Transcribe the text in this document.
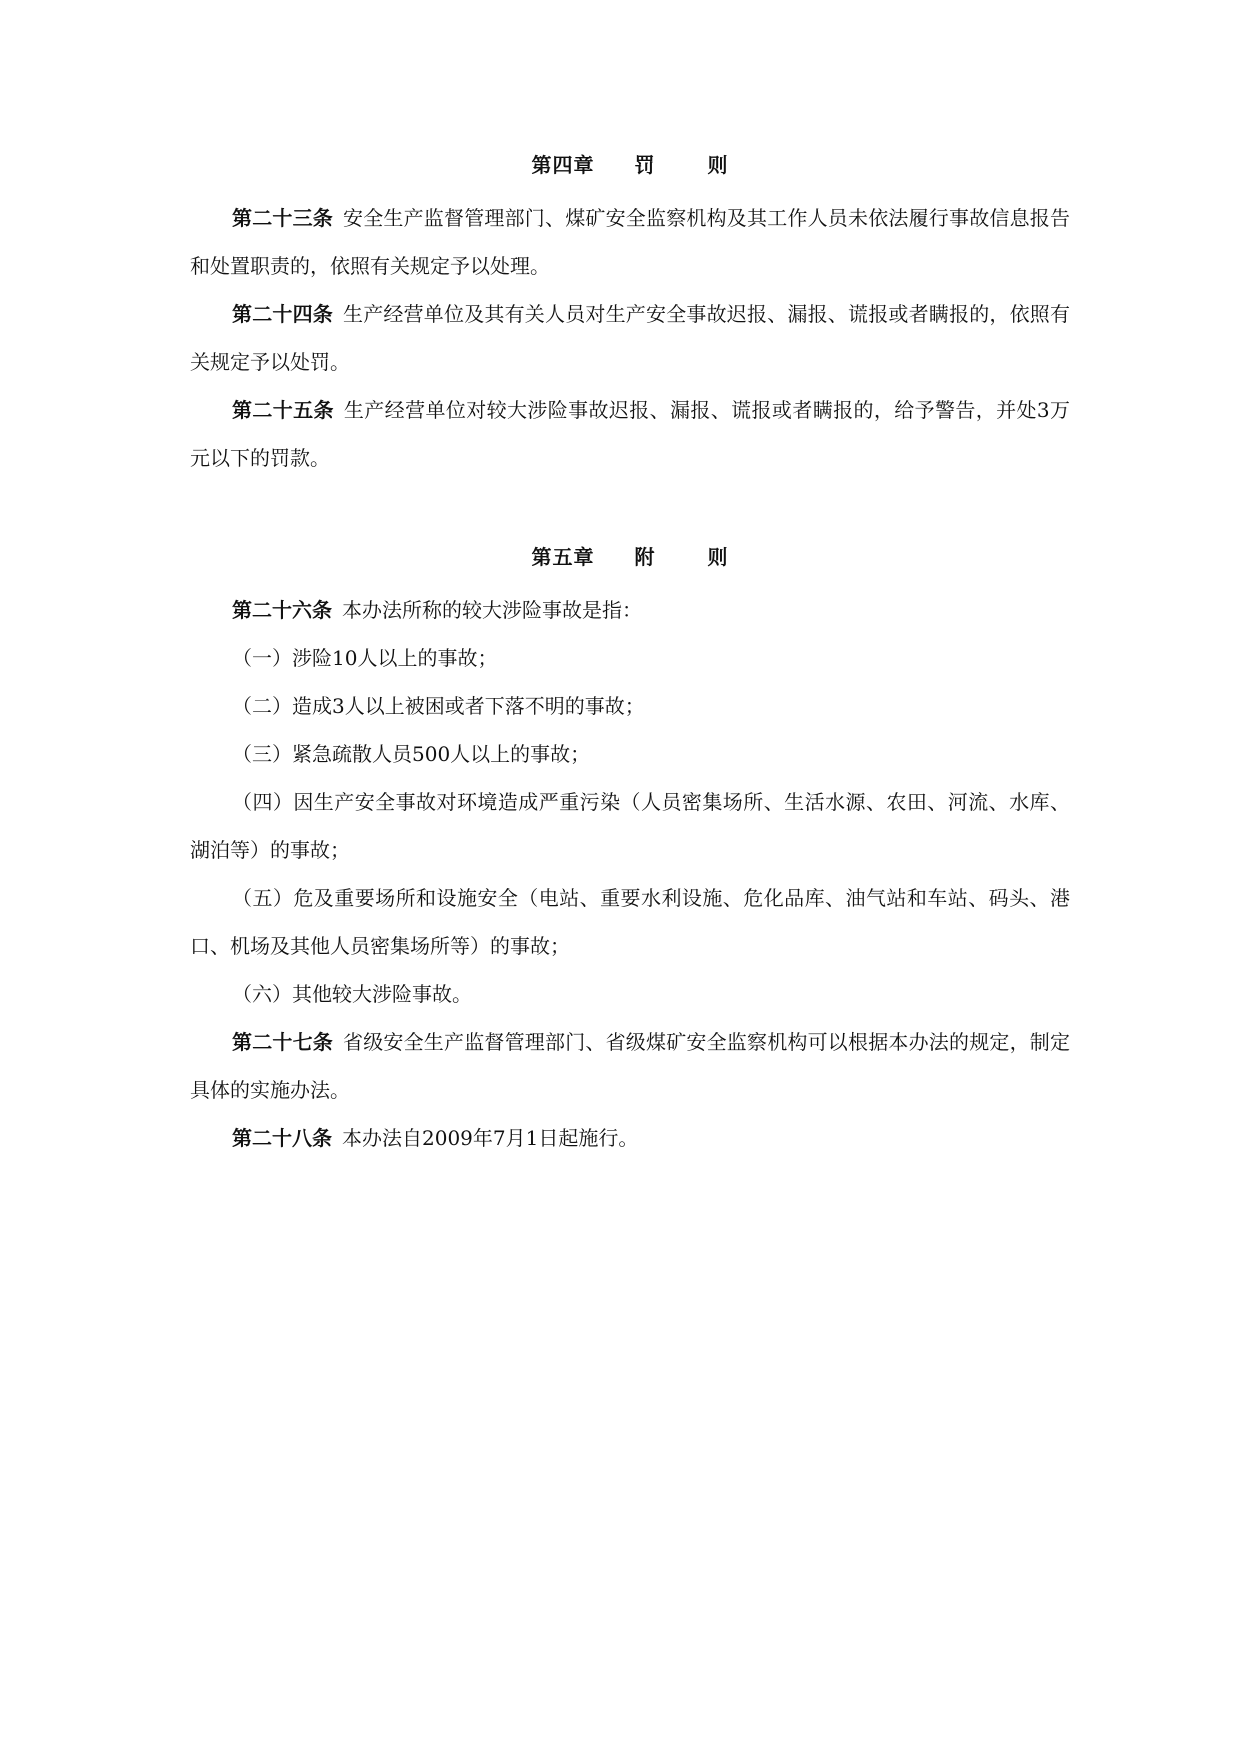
第四章 罚	则

第二十三条 安全生产监督管理部门、煤矿安全监察机构及其工作人员未依法履行事故信息报告和处置职责的，依照有关规定予以处理。

第二十四条 生产经营单位及其有关人员对生产安全事故迟报、漏报、谎报或者瞒报的，依照有关规定予以处罚。

第二十五条 生产经营单位对较大涉险事故迟报、漏报、谎报或者瞒报的，给予警告，并处3万元以下的罚款。

第五章 附	则

第二十六条 本办法所称的较大涉险事故是指：

（一）涉险10人以上的事故；

（二）造成3人以上被困或者下落不明的事故；

（三）紧急疏散人员500人以上的事故；

（四）因生产安全事故对环境造成严重污染（人员密集场所、生活水源、农田、河流、水库、湖泊等）的事故；

（五）危及重要场所和设施安全（电站、重要水利设施、危化品库、油气站和车站、码头、港口、机场及其他人员密集场所等）的事故；

（六）其他较大涉险事故。

第二十七条 省级安全生产监督管理部门、省级煤矿安全监察机构可以根据本办法的规定，制定具体的实施办法。

第二十八条 本办法自2009年7月1日起施行。
